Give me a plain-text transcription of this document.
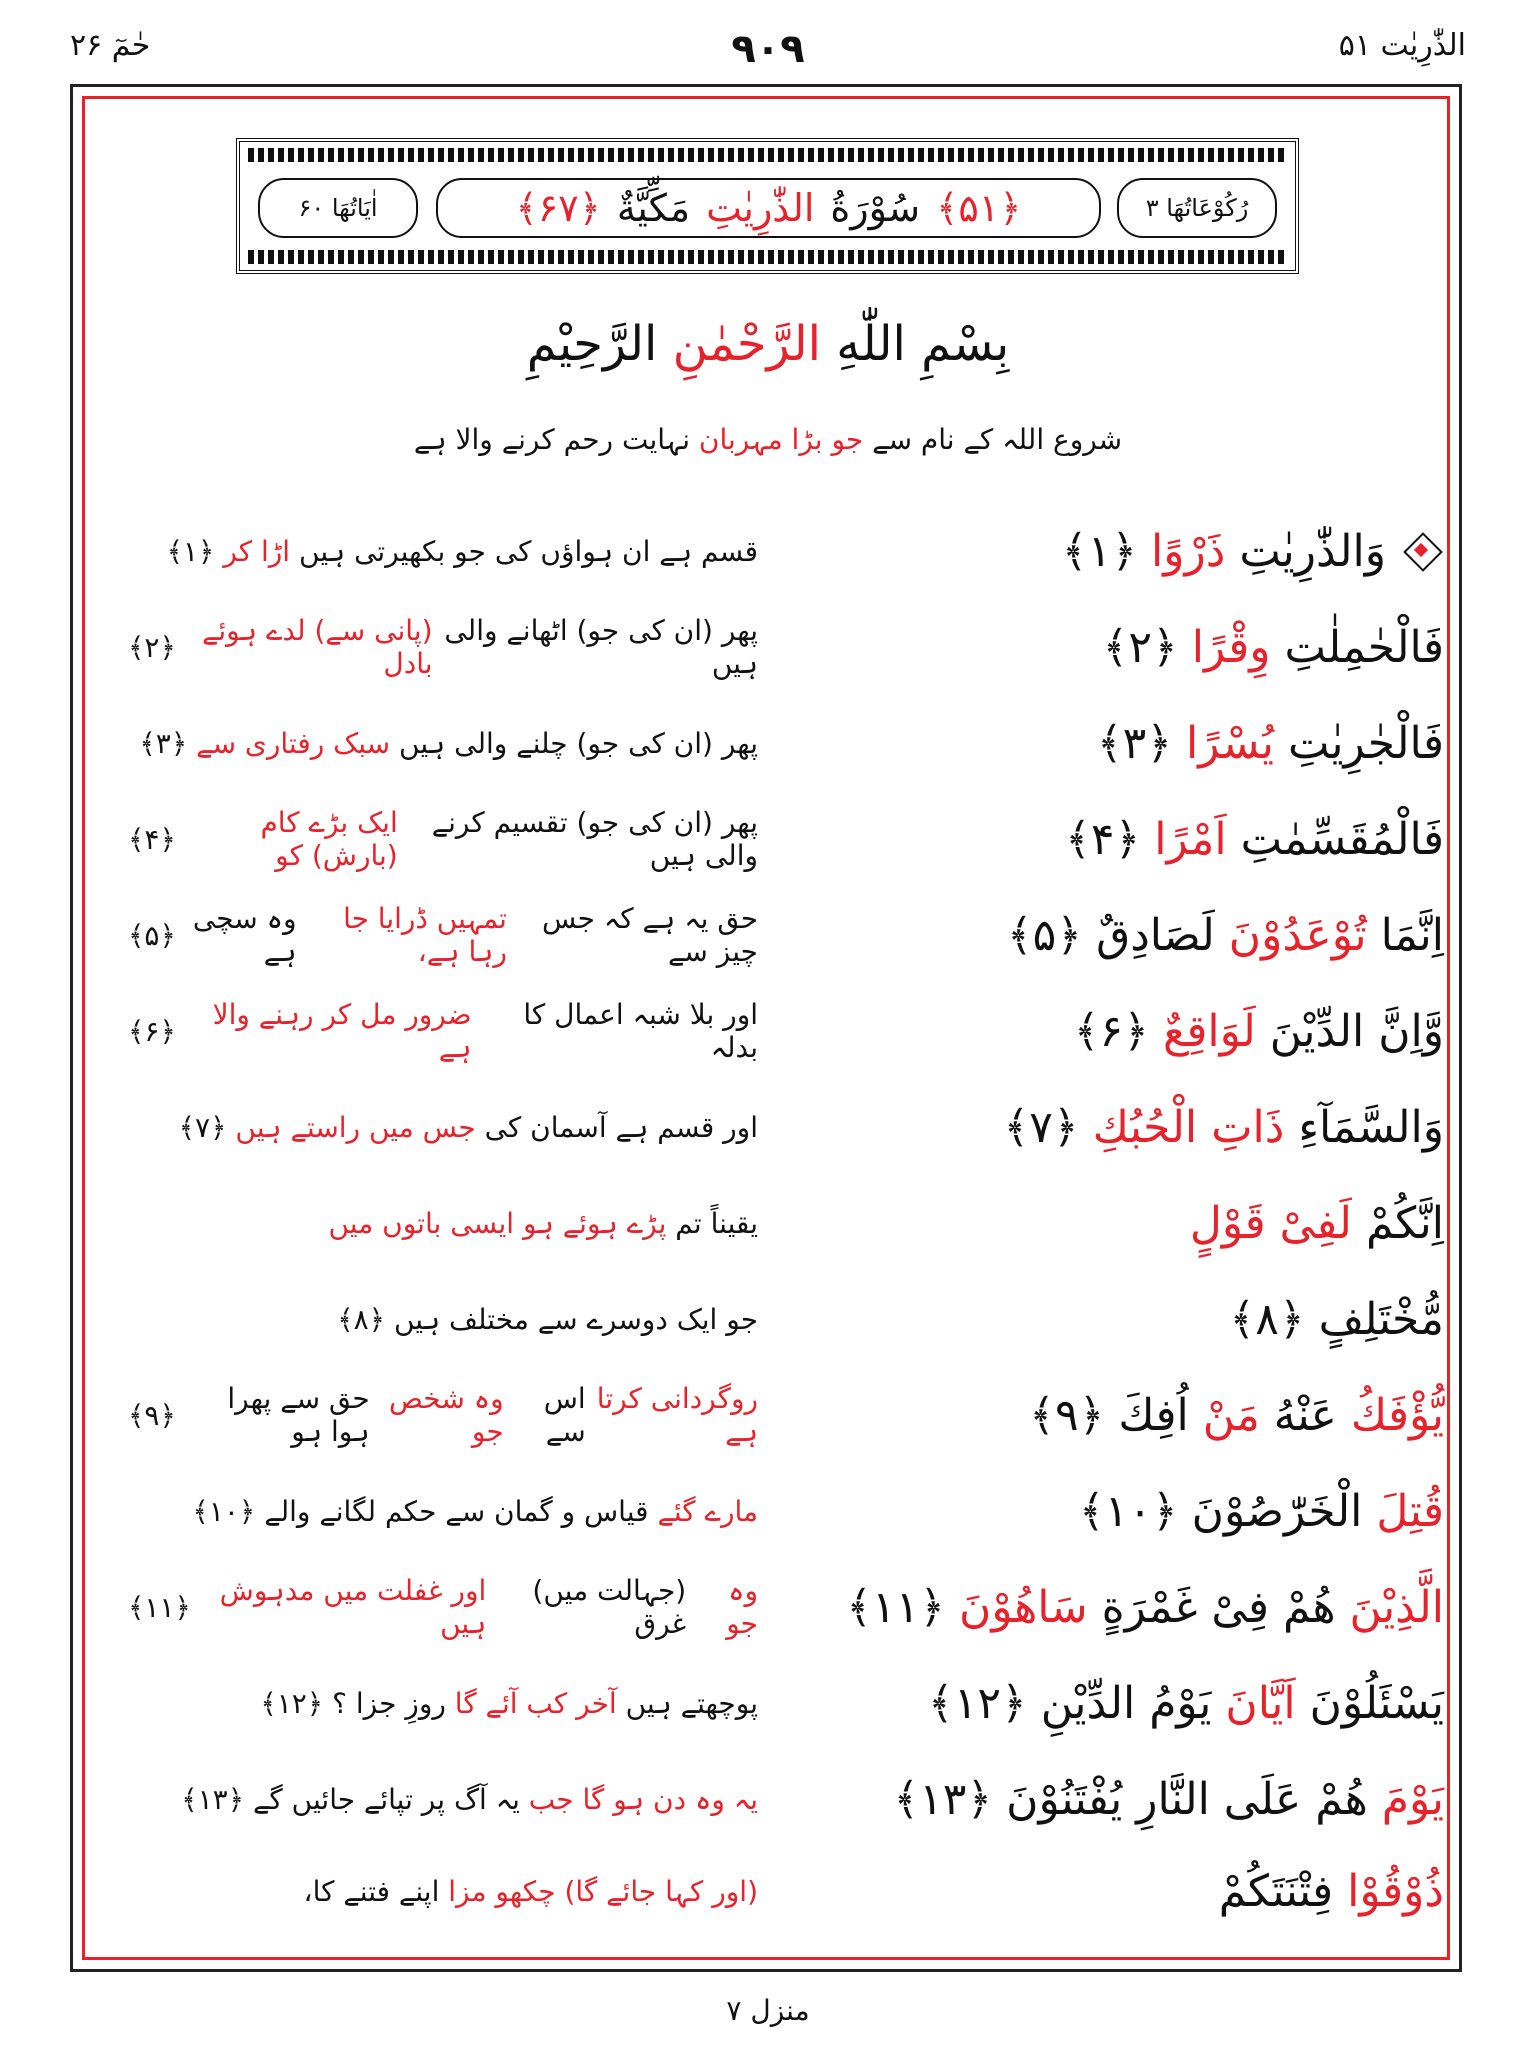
الذّٰرِیٰت ۵۱
۹۰۹
حٰمٓ ۲۶
رُکُوْعَاتُهَا ۳
﴿۵۱﴾
سُوْرَةُ
الذّٰرِیٰتِ
مَکِّیَّةٌ
﴿۶۷﴾
اٰیَاتُهَا ۶۰
بِسْمِ اللّٰهِ الرَّحْمٰنِ الرَّحِیْمِ
شروع اللہ کے نام سے جو بڑا مہربان نہایت رحم کرنے والا ہے
وَالذّٰرِیٰتِ

ذَرْوًا
﴿
۱
﴾
قسم ہے ان ہواؤں کی جو بکھیرتی ہیں

اڑا کر
﴿
۱
﴾
فَالْحٰمِلٰتِ

وِقْرًا
﴿
۲
﴾
پھر (ان کی جو) اٹھانے والی ہیں

(پانی سے) لدے ہوئے بادل
﴿
۲
﴾
فَالْجٰرِیٰتِ

یُسْرًا
﴿
۳
﴾
پھر (ان کی جو) چلنے والی ہیں

سبک رفتاری سے
﴿
۳
﴾
فَالْمُقَسِّمٰتِ

اَمْرًا
﴿
۴
﴾
پھر (ان کی جو) تقسیم کرنے والی ہیں

ایک بڑے کام (بارش) کو
﴿
۴
﴾
اِنَّمَا

تُوْعَدُوْنَ

لَصَادِقٌ
﴿
۵
﴾
حق یہ ہے کہ جس چیز سے

تمہیں ڈرایا جا رہا ہے،

وہ سچی ہے
﴿
۵
﴾
وَّاِنَّ الدِّیْنَ

لَوَاقِعٌ
﴿
۶
﴾
اور بلا شبہ اعمال کا بدلہ

ضرور مل کر رہنے والا ہے
﴿
۶
﴾
وَالسَّمَآءِ

ذَاتِ الْحُبُكِ
﴿
۷
﴾
اور قسم ہے آسمان کی

جس میں راستے ہیں
﴿
۷
﴾
اِنَّكُمْ

لَفِیْ قَوْلٍ
یقیناً تم

پڑے ہوئے ہو ایسی باتوں میں
مُّخْتَلِفٍ
﴿
۸
﴾
جو ایک دوسرے سے مختلف ہیں
﴿
۸
﴾
یُّؤْفَكُ

عَنْهُ

مَنْ

اُفِكَ
﴿
۹
﴾
روگردانی کرتا ہے

اس سے

وہ شخص جو

حق سے پھرا ہوا ہو
﴿
۹
﴾
قُتِلَ

الْخَرّٰصُوْنَ
﴿
۱۰
﴾
مارے گئے

قیاس و گمان سے حکم لگانے والے
﴿
۱۰
﴾
الَّذِیْنَ

هُمْ فِیْ غَمْرَةٍ

سَاهُوْنَ
﴿
۱۱
﴾
وہ جو

(جہالت میں) غرق

اور غفلت میں مدہوش ہیں
﴿
۱۱
﴾
یَسْئَلُوْنَ

اَیَّانَ

یَوْمُ الدِّیْنِ
﴿
۱۲
﴾
پوچھتے ہیں

آخر کب آئے گا

روزِ جزا ؟
﴿
۱۲
﴾
یَوْمَ

هُمْ عَلَى النَّارِ یُفْتَنُوْنَ
﴿
۱۳
﴾
یہ وہ دن ہو گا جب

یہ آگ پر تپائے جائیں گے
﴿
۱۳
﴾
ذُوْقُوْا

فِتْنَتَكُمْ
(اور کہا جائے گا) چکھو مزا

اپنے فتنے کا،
منزل ۷
